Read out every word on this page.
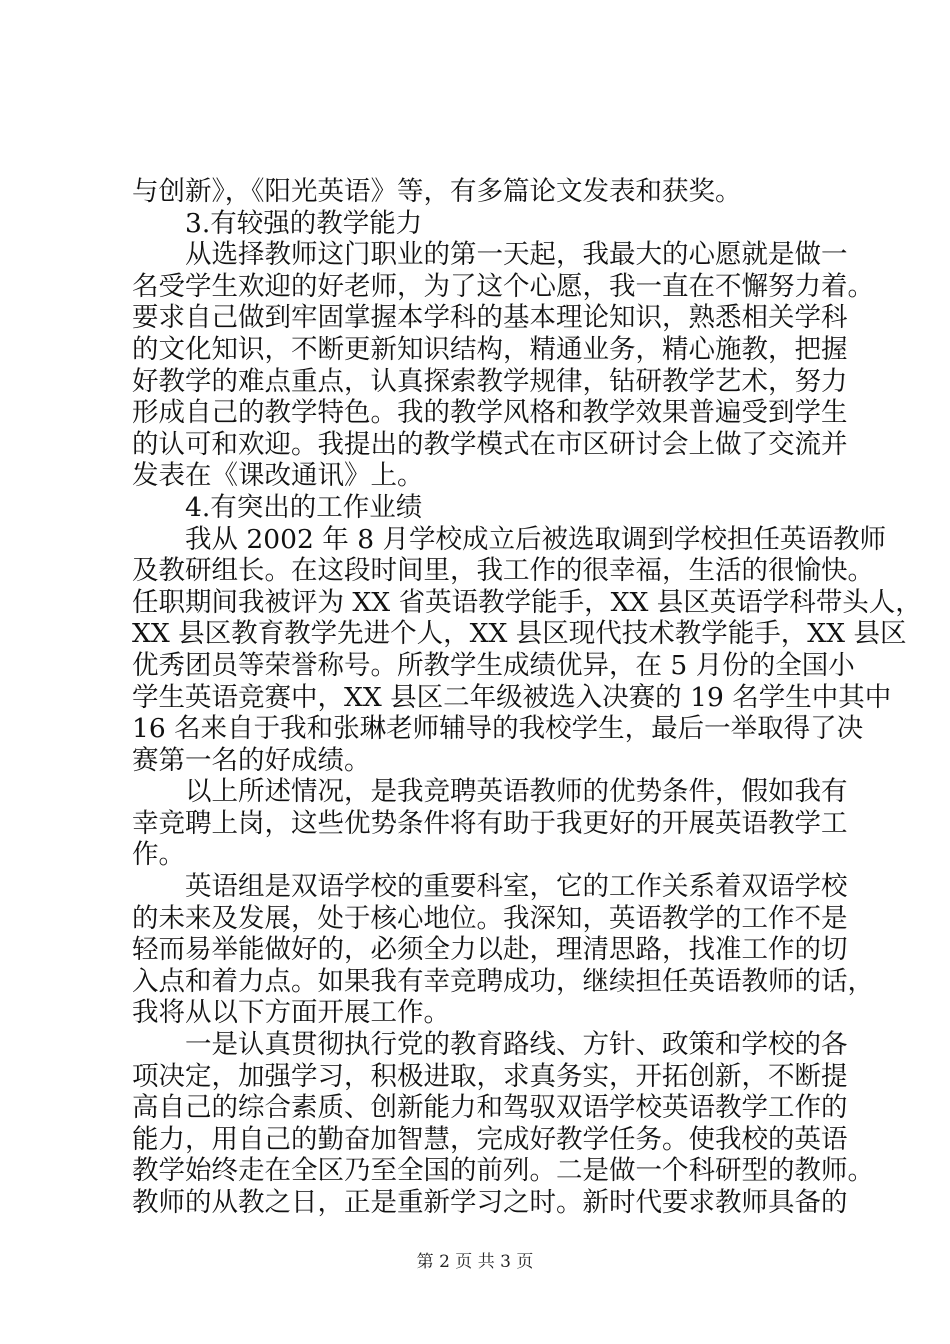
与创新》，《阳光英语》等，有多篇论文发表和获奖。
3.有较强的教学能力
从选择教师这门职业的第一天起，我最大的心愿就是做一
名受学生欢迎的好老师，为了这个心愿，我一直在不懈努力着。
要求自己做到牢固掌握本学科的基本理论知识，熟悉相关学科
的文化知识，不断更新知识结构，精通业务，精心施教，把握
好教学的难点重点，认真探索教学规律，钻研教学艺术，努力
形成自己的教学特色。我的教学风格和教学效果普遍受到学生
的认可和欢迎。我提出的教学模式在市区研讨会上做了交流并
发表在《课改通讯》上。
4.有突出的工作业绩
我从 2002 年 8 月学校成立后被选取调到学校担任英语教师
及教研组长。在这段时间里，我工作的很幸福，生活的很愉快。
任职期间我被评为 XX 省英语教学能手，XX 县区英语学科带头人，
XX 县区教育教学先进个人，XX 县区现代技术教学能手，XX 县区
优秀团员等荣誉称号。所教学生成绩优异，在 5 月份的全国小
学生英语竞赛中，XX 县区二年级被选入决赛的 19 名学生中其中
16 名来自于我和张琳老师辅导的我校学生，最后一举取得了决
赛第一名的好成绩。
以上所述情况，是我竞聘英语教师的优势条件，假如我有
幸竞聘上岗，这些优势条件将有助于我更好的开展英语教学工
作。
英语组是双语学校的重要科室，它的工作关系着双语学校
的未来及发展，处于核心地位。我深知，英语教学的工作不是
轻而易举能做好的，必须全力以赴，理清思路，找准工作的切
入点和着力点。如果我有幸竞聘成功，继续担任英语教师的话，
我将从以下方面开展工作。
一是认真贯彻执行党的教育路线、方针、政策和学校的各
项决定，加强学习，积极进取，求真务实，开拓创新，不断提
高自己的综合素质、创新能力和驾驭双语学校英语教学工作的
能力，用自己的勤奋加智慧，完成好教学任务。使我校的英语
教学始终走在全区乃至全国的前列。二是做一个科研型的教师。
教师的从教之日，正是重新学习之时。新时代要求教师具备的
第 2 页 共 3 页
